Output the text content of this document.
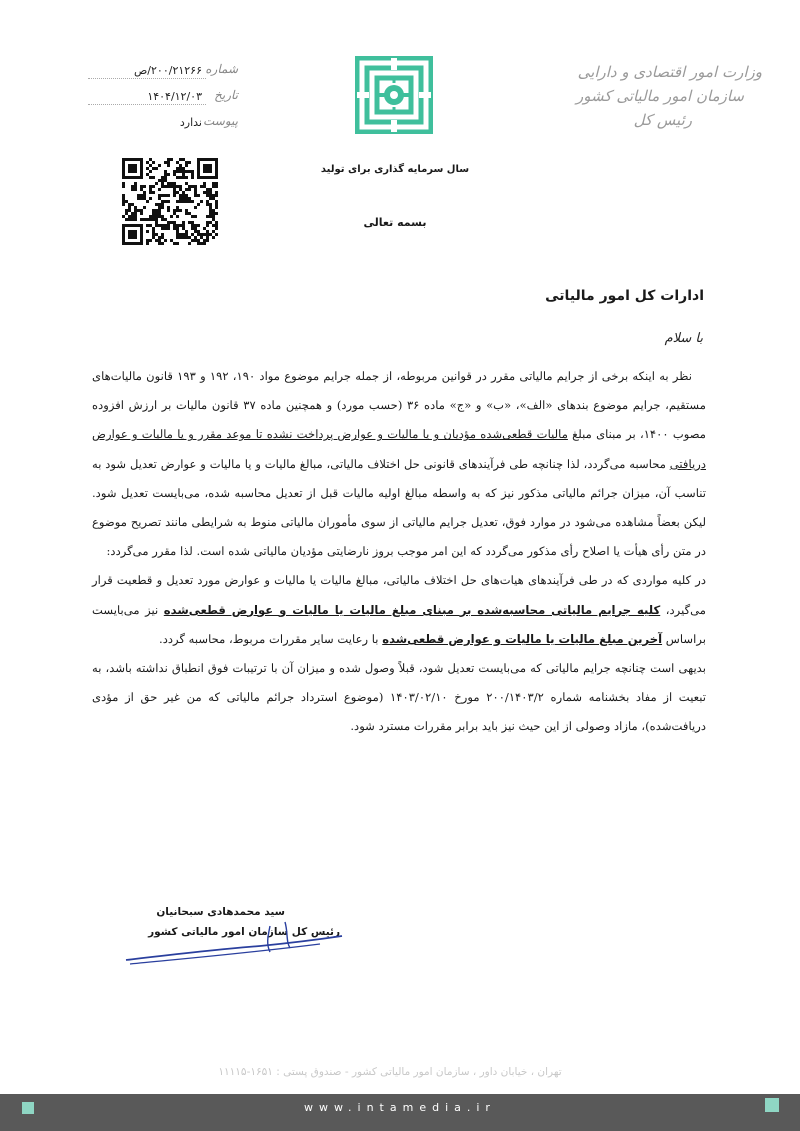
وزارت امور اقتصادی و دارایی
سازمان امور مالیاتی کشور
رئیس کل
شماره
۲۰۰/۲۱۲۶۶/ص
تاریخ
۱۴۰۴/۱۲/۰۳
پیوست
ندارد
سال سرمایه گذاری برای تولید
بسمه تعالی
ادارات کل امور مالیاتی
با سلام

نظر به اینکه برخی از جرایم مالیاتی مقرر در قوانین مربوطه، از جمله جرایم موضوع مواد ۱۹۰، ۱۹۲ و ۱۹۳ قانون مالیات‌های مستقیم، جرایم موضوع بندهای «الف»، «ب» و «ج» ماده ۳۶ (حسب مورد) و همچنین ماده ۳۷ قانون مالیات بر ارزش افزوده مصوب ۱۴۰۰، بر مبنای مبلغ مالیات قطعی‌شده مؤدیان و یا مالیات و عوارض پرداخت نشده تا موعد مقرر و یا مالیات و عوارض دریافتی محاسبه می‌گردد، لذا چنانچه طی فرآیندهای قانونی حل اختلاف مالیاتی، مبالغ مالیات و یا مالیات و عوارض تعدیل شود به تناسب آن، میزان جرائم مالیاتی مذکور نیز که به واسطه مبالغ اولیه مالیات قبل از تعدیل محاسبه شده، می‌بایست تعدیل شود. لیکن بعضاً مشاهده می‌شود در موارد فوق، تعدیل جرایم مالیاتی از سوی مأموران مالیاتی منوط به شرایطی مانند تصریح موضوع در متن رأی هیأت یا اصلاح رأی مذکور می‌گردد که این امر موجب بروز نارضایتی مؤدیان مالیاتی شده است. لذا مقرر می‌گردد:

در کلیه مواردی که در طی فرآیندهای هیات‌های حل اختلاف مالیاتی، مبالغ مالیات یا مالیات و عوارض مورد تعدیل و قطعیت قرار می‌گیرد، کلیه جرایم مالیاتی محاسبه‌شده بر مبنای مبلغ مالیات یا مالیات و عوارض قطعی‌شده نیز می‌بایست براساس آخرین مبلغ مالیات یا مالیات و عوارض قطعی‌شده با رعایت سایر مقررات مربوط، محاسبه گردد.

بدیهی است چنانچه جرایم مالیاتی که می‌بایست تعدیل شود، قبلاً وصول شده و میزان آن با ترتیبات فوق انطباق نداشته باشد، به تبعیت از مفاد بخشنامه شماره ۲۰۰/۱۴۰۳/۲ مورخ ۱۴۰۳/۰۲/۱۰ (موضوع استرداد جرائم مالیاتی که من غیر حق از مؤدی دریافت‌شده)، مازاد وصولی از این حیث نیز باید برابر مقررات مسترد شود.

سید محمدهادی سبحانیان
رئیس کل سازمان امور مالیاتی کشور
تهران ، خیابان داور ، سازمان امور مالیاتی کشور - صندوق پستی : ۱۶۵۱-۱۱۱۱۵
www.intamedia.ir
